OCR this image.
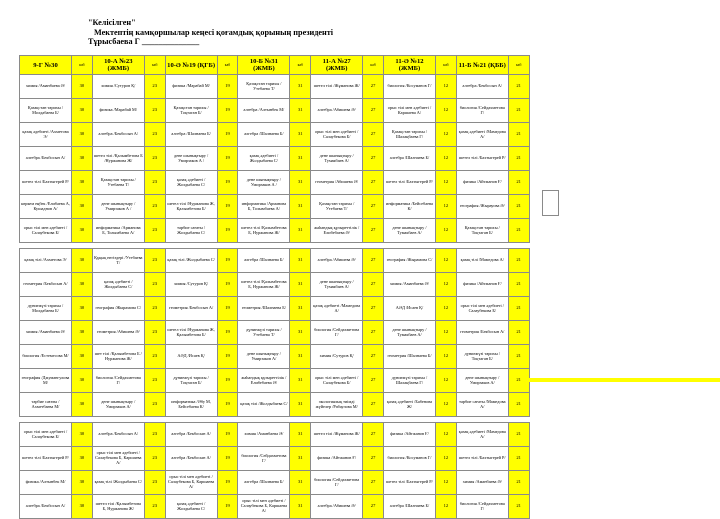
"Келісілген"
Мектептің камқоршылар кеңесі қоғамдық қорының президенті
Тұрысбаева Г ______________
9-Г №30	каб	10-А №23 (ЖМБ)	каб	10-Ә №19 (ҚГБ)	каб	10-Б №31 (ЖМБ)	каб	11-А №27 (ЖМБ)	каб	11-Ә №12 (ЖМБ)	каб	11-Б №21 (ҚББ)	каб
химия /Аманбаева Ә/	30	химия /Сутуров Қ/	23	физика /Марабай М/	19	Қазақстан тарихы /Утебаева Т/	31	шетел тілі /Жұманова Ж/	27	биология /Косуманов Г/	12	алгебра /Бекбосын А/	21
Қазақстан тарихы /Молдабаева Б/	30	физика /Марабай М/	23	Қазақстан тарихы /Тоқтаган Б/	19	алгебра /Алтынбек М/	31	алгебра /Абишева Ә/	27	орыс тілі мен әдебиеті /Каршаева А/	12	биология /Сейдахметова Г/	21
қазақ әдебиеті /Ахметова Э/	30	алгебра /Бекбосын А/	23	алгебра /Шалнаева Б/	19	алгебра /Шалнаева Б/	31	орыс тілі мен әдебиеті /Салаубекова Б/	27	Қазақстан тарихы /Шалаңбаева Г/	12	қазақ әдебиеті /Мамедова А/	21
алгебра /Бекбосын А/	30	шетел тілі /Қалымбетова Б /Нуржанова Ж/	23	дене шынықтыру /Умирзаков А /	19	қазақ әдебиеті /Жолдыбаева С/	31	дене шынықтыру /Тумакбаев А/	27	алгебра /Шалнаева Б/	12	шетел тілі /Бахтыгерей Р/	21
шетел тілі /Бахтыгерей Р/	30	Қазақстан тарихы /Утебаева Т/	23	қазақ әдебиеті /Жолдыбаева С/	19	дене шынықтыру /Умирзаков А /	31	геометрия /Абишева Ә/	27	шетел тілі /Бахтыгерей Р/	12	физика /Айтжанов Ғ/	21
көркем еңбек /Елибаева А, Кушаднов А/	30	дене шынықтыру /Умирзаков А /	23	шетел тілі /Нуржанова Ж, Қалымбетова Б/	19	информатика /Арманова Б, Толымбаева А/	31	Қазақстан тарихы /Утебаева Т/	27	информатика /Бейсебаева К/	12	география /Жырауова Ә/	21
орыс тілі мен әдебиеті /Салаубекова Б/	30	информатика /Арманова Б, Толымбаева А/	23	тарбие сағаты /Жолдыбаева С/	19	шетел тілі /Қалымбетова Б, Нуржанова Ж/	31	жаһандық құзыреттілік /Елибебаева Ә/	27	дене шынықтыру /Тумакбаев А/	12	Қазақстан тарихы /Тоқтаган Б/	21

қазақ тілі /Ахметова Э/	30	Құқық негіздері /Утебаева Т/	23	қазақ тілі /Жолдыбаева С/	19	алгебра /Шалнаева Б/	31	алгебра /Абишева Ә/	27	география /Жырамова С/	12	қазақ тілі /Мамедова А/	21
геометрия /Бекбосын А/	30	қазақ әдебиеті /Жолдыбаева С/	23	химия /Сутуров Қ/	19	шетел тілі /Қалымбетова Б, Нуржанова Ж/	31	дене шынықтыру /Тумакбаев А/	27	химия /Аманбаева Ә/	12	физика /Айтжанов Ғ/	21
дүниежүзі тарихы /Молдабаева Б/	30	география /Жырамова С/	23	геометрия /Бекбосын А/	19	геометрия /Шалнаева Б/	31	қазақ әдебиеті /Мамедова А/	27	АӘД /Исаев Қ/	12	орыс тілі мен әдебиеті /Салаубекова Б/	21
химия /Аманбаева Ә/	30	геометрия /Абишева Ә/	23	шетел тілі /Нуржанова Ж, Қалымбетова Б/	19	дүниежүзі тарихы /Утебаева Т/	31	биология /Сейдахметова Г/	27	дене шынықтыру /Тумакбаев А/	12	геометрия /Бекбосын А/	21
биология /Естемесова М/	30	шет тілі /Қалымбетова Б /Нуржанова Ж/	23	АӘД /Исаев Қ/	19	дене шынықтыру /Умирзаков А/	31	химия /Сутуров Қ/	27	геометрия /Шалнаева Б/	12	дүниежүзі тарихы /Тоқтаган Б/	21
география /Джумангулова М/	30	биология /Сейдахметова Г/	23	дүниежүзі тарихы /Тоқтаган Б/	19	жаһандық құзыреттілік /Елибебаева Ә/	31	орыс тілі мен әдебиеті /Салаубекова Б/	27	дүниежүзі тарихы /Шалаңбаева Г/	12	дене шынықтыру /Умирзаков А/	21
тарбие сағаты /Ахметбаева М/	30	дене шынықтыру /Умирзаков А/	23	информатика /Әбу М, Бейсебаева К/	19	қазақ тілі /Жолдыбаева С/	31	экологиялық тиімді жүйелер /Рабаулова М/	27	қазақ әдебиеті /Бабенова Ж/	12	тарбие сағаты /Мамедова А/	21

орыс тілі мен әдебиеті /Салаубекова Б/	30	алгебра /Бекбосын А/	23	алгебра /Бекбосын А/	19	химия /Аманбаева Ә/	31	шетел тілі /Жұманова Ж/	27	физика /Айтжанов Ғ/	12	қазақ әдебиеті /Мамедова А/	21
шетел тілі /Бахтыгерей Р/	30	орыс тілі мен әдебиеті / Салаубекова Б, Каршаева А/	23	алгебра /Бекбосын А/	19	биология /Сейдахметова Г/	31	физика /Айтжанов Ғ/	27	биология /Косуманов Г/	12	шетел тілі /Бахтыгерей Р/	21
физика /Алтынбек М/	30	қазақ тілі /Жолдыбаева С/	23	орыс тілі мен әдебиеті / Салаубекова Б, Каршаева А/	19	алгебра /Шалнаева Б/	31	биология /Сейдахметова Г/	27	шетел тілі /Бахтыгерей Р/	12	химия /Аманбаева Ә/	21
алгебра /Бекбосын А/	30	шетел тілі /Қалымбетова Б, Нуржанова Ж/	23	қазақ әдебиеті /Жолдыбаева С/	19	орыс тілі мен әдебиеті / Салаубекова Б, Каршаева А/	31	алгебра /Абишева Ә/	27	алгебра /Шалнаева Б/	12	биология /Сейдахметова Г/	21
